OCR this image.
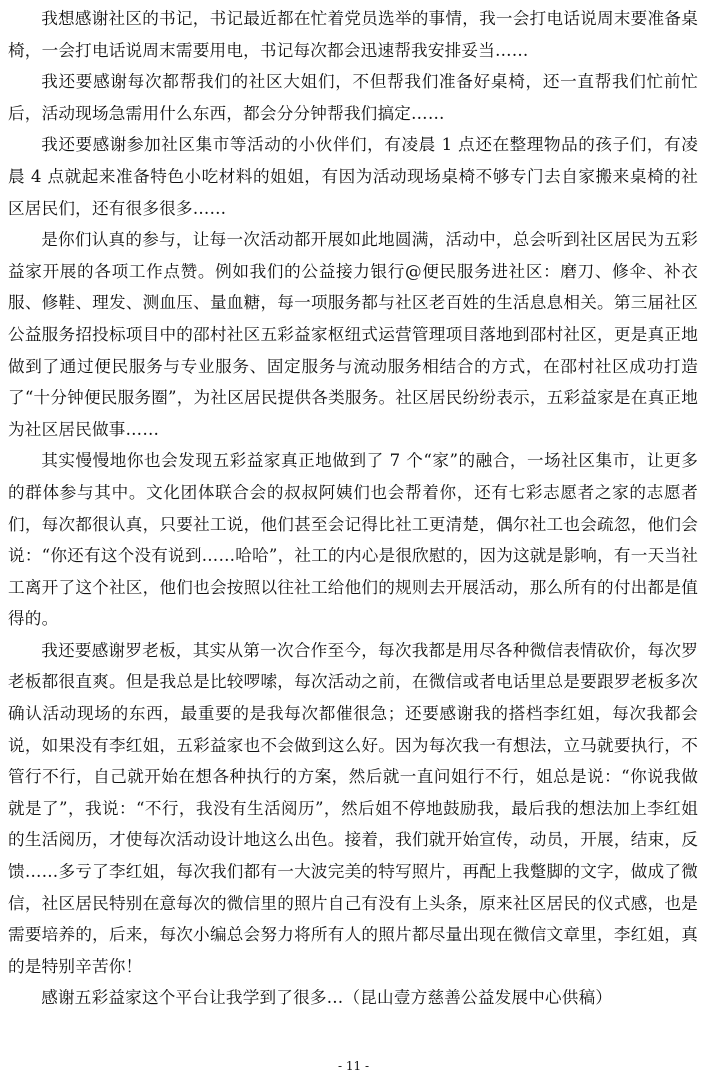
我想感谢社区的书记，书记最近都在忙着党员选举的事情，我一会打电话说周末要准备桌椅，一会打电话说周末需要用电，书记每次都会迅速帮我安排妥当……

我还要感谢每次都帮我们的社区大姐们，不但帮我们准备好桌椅，还一直帮我们忙前忙后，活动现场急需用什么东西，都会分分钟帮我们搞定……

我还要感谢参加社区集市等活动的小伙伴们，有凌晨 1 点还在整理物品的孩子们，有凌晨 4 点就起来准备特色小吃材料的姐姐，有因为活动现场桌椅不够专门去自家搬来桌椅的社区居民们，还有很多很多……

是你们认真的参与，让每一次活动都开展如此地圆满，活动中，总会听到社区居民为五彩益家开展的各项工作点赞。例如我们的公益接力银行@便民服务进社区：磨刀、修伞、补衣服、修鞋、理发、测血压、量血糖，每一项服务都与社区老百姓的生活息息相关。第三届社区公益服务招投标项目中的邵村社区五彩益家枢纽式运营管理项目落地到邵村社区，更是真正地做到了通过便民服务与专业服务、固定服务与流动服务相结合的方式，在邵村社区成功打造了“十分钟便民服务圈”，为社区居民提供各类服务。社区居民纷纷表示，五彩益家是在真正地为社区居民做事……

其实慢慢地你也会发现五彩益家真正地做到了 7 个“家”的融合，一场社区集市，让更多的群体参与其中。文化团体联合会的叔叔阿姨们也会帮着你，还有七彩志愿者之家的志愿者们，每次都很认真，只要社工说，他们甚至会记得比社工更清楚，偶尔社工也会疏忽，他们会说：“你还有这个没有说到……哈哈”，社工的内心是很欣慰的，因为这就是影响，有一天当社工离开了这个社区，他们也会按照以往社工给他们的规则去开展活动，那么所有的付出都是值得的。

我还要感谢罗老板，其实从第一次合作至今，每次我都是用尽各种微信表情砍价，每次罗老板都很直爽。但是我总是比较啰嗦，每次活动之前，在微信或者电话里总是要跟罗老板多次确认活动现场的东西，最重要的是我每次都催很急；还要感谢我的搭档李红姐，每次我都会说，如果没有李红姐，五彩益家也不会做到这么好。因为每次我一有想法，立马就要执行，不管行不行，自己就开始在想各种执行的方案，然后就一直问姐行不行，姐总是说：“你说我做就是了”，我说：“不行，我没有生活阅历”，然后姐不停地鼓励我，最后我的想法加上李红姐的生活阅历，才使每次活动设计地这么出色。接着，我们就开始宣传，动员，开展，结束，反馈……多亏了李红姐，每次我们都有一大波完美的特写照片，再配上我蹩脚的文字，做成了微信，社区居民特别在意每次的微信里的照片自己有没有上头条，原来社区居民的仪式感，也是需要培养的，后来，每次小编总会努力将所有人的照片都尽量出现在微信文章里，李红姐，真的是特别辛苦你！

感谢五彩益家这个平台让我学到了很多…（昆山壹方慈善公益发展中心供稿）

- 11 -
